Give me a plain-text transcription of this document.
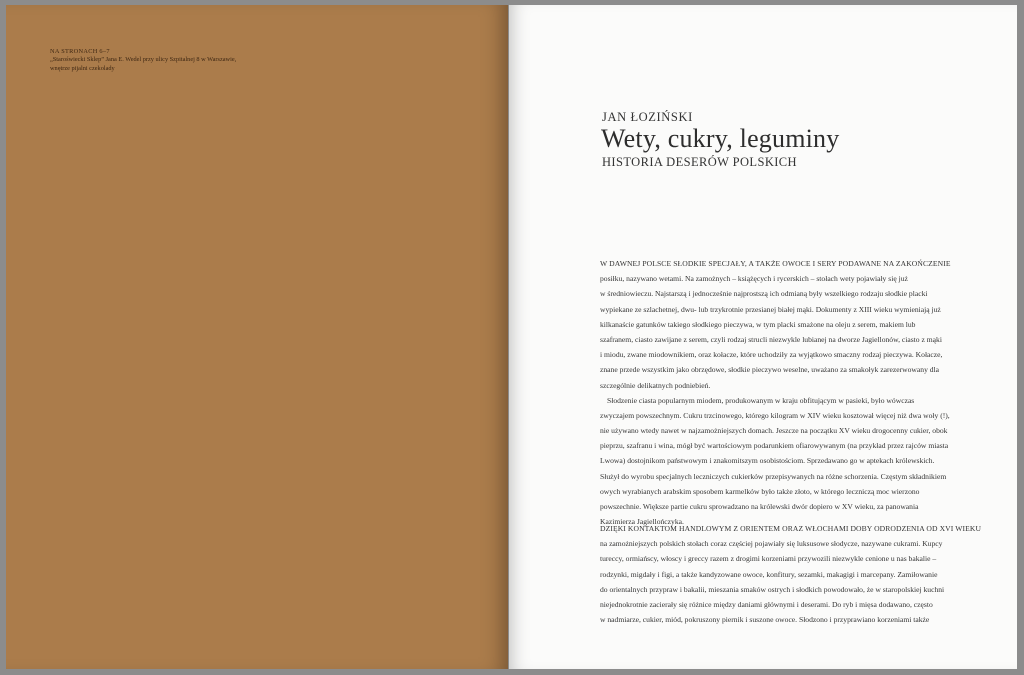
NA STRONACH 6–7
„Staroświecki Sklep” Jana E. Wedel przy ulicy Szpitalnej 8 w Warszawie,
wnętrze pijalni czekolady
JAN ŁOZIŃSKI
Wety, cukry, leguminy
HISTORIA DESERÓW POLSKICH
W DAWNEJ POLSCE SŁODKIE SPECJAŁY, A TAKŻE OWOCE I SERY PODAWANE NA ZAKOŃCZENIE
posiłku, nazywano wetami. Na zamożnych – książęcych i rycerskich – stołach wety pojawiały się już
w średniowieczu. Najstarszą i jednocześnie najprostszą ich odmianą były wszelkiego rodzaju słodkie placki
wypiekane ze szlachetnej, dwu- lub trzykrotnie przesianej białej mąki. Dokumenty z XIII wieku wymieniają już
kilkanaście gatunków takiego słodkiego pieczywa, w tym placki smażone na oleju z serem, makiem lub
szafranem, ciasto zawijane z serem, czyli rodzaj strucli niezwykle lubianej na dworze Jagiellonów, ciasto z mąki
i miodu, zwane miodownikiem, oraz kołacze, które uchodziły za wyjątkowo smaczny rodzaj pieczywa. Kołacze,
znane przede wszystkim jako obrzędowe, słodkie pieczywo weselne, uważano za smakołyk zarezerwowany dla
szczególnie delikatnych podniebień.
Słodzenie ciasta popularnym miodem, produkowanym w kraju obfitującym w pasieki, było wówczas
zwyczajem powszechnym. Cukru trzcinowego, którego kilogram w XIV wieku kosztował więcej niż dwa woły (!),
nie używano wtedy nawet w najzamożniejszych domach. Jeszcze na początku XV wieku drogocenny cukier, obok
pieprzu, szafranu i wina, mógł być wartościowym podarunkiem ofiarowywanym (na przykład przez rajców miasta
Lwowa) dostojnikom państwowym i znakomitszym osobistościom. Sprzedawano go w aptekach królewskich.
Służył do wyrobu specjalnych leczniczych cukierków przepisywanych na różne schorzenia. Częstym składnikiem
owych wyrabianych arabskim sposobem karmelków było także złoto, w którego leczniczą moc wierzono
powszechnie. Większe partie cukru sprowadzano na królewski dwór dopiero w XV wieku, za panowania
Kazimierza Jagiellończyka.
DZIĘKI KONTAKTOM HANDLOWYM Z ORIENTEM ORAZ WŁOCHAMI DOBY ODRODZENIA OD XVI WIEKU
na zamożniejszych polskich stołach coraz częściej pojawiały się luksusowe słodycze, nazywane cukrami. Kupcy
tureccy, ormiańscy, włoscy i greccy razem z drogimi korzeniami przywozili niezwykle cenione u nas bakalie –
rodzynki, migdały i figi, a także kandyzowane owoce, konfitury, sezamki, makagigi i marcepany. Zamiłowanie
do orientalnych przypraw i bakalii, mieszania smaków ostrych i słodkich powodowało, że w staropolskiej kuchni
niejednokrotnie zacierały się różnice między daniami głównymi i deserami. Do ryb i mięsa dodawano, często
w nadmiarze, cukier, miód, pokruszony piernik i suszone owoce. Słodzono i przyprawiano korzeniami także
